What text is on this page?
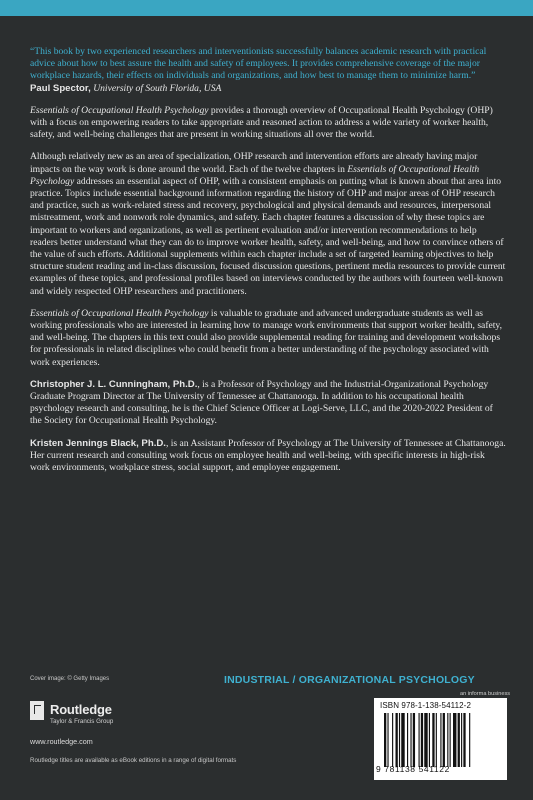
“This book by two experienced researchers and interventionists successfully balances academic research with practical advice about how to best assure the health and safety of employees. It provides comprehensive coverage of the major workplace hazards, their effects on individuals and organizations, and how best to manage them to minimize harm.”

Paul Spector, University of South Florida, USA

Essentials of Occupational Health Psychology provides a thorough overview of Occupational Health Psychology (OHP) with a focus on empowering readers to take appropriate and reasoned action to address a wide variety of worker health, safety, and well-being challenges that are present in working situations all over the world.

Although relatively new as an area of specialization, OHP research and intervention efforts are already having major impacts on the way work is done around the world. Each of the twelve chapters in Essentials of Occupational Health Psychology addresses an essential aspect of OHP, with a consistent emphasis on putting what is known about that area into practice. Topics include essential background information regarding the history of OHP and major areas of OHP research and practice, such as work-related stress and recovery, psychological and physical demands and resources, interpersonal mistreatment, work and nonwork role dynamics, and safety. Each chapter features a discussion of why these topics are important to workers and organizations, as well as pertinent evaluation and/or intervention recommendations to help readers better understand what they can do to improve worker health, safety, and well-being, and how to convince others of the value of such efforts. Additional supplements within each chapter include a set of targeted learning objectives to help structure student reading and in-class discussion, focused discussion questions, pertinent media resources to provide current examples of these topics, and professional profiles based on interviews conducted by the authors with fourteen well-known and widely respected OHP researchers and practitioners.

Essentials of Occupational Health Psychology is valuable to graduate and advanced undergraduate students as well as working professionals who are interested in learning how to manage work environments that support worker health, safety, and well-being. The chapters in this text could also provide supplemental reading for training and development workshops for professionals in related disciplines who could benefit from a better understanding of the psychology associated with work experiences.

Christopher J. L. Cunningham, Ph.D., is a Professor of Psychology and the Industrial-Organizational Psychology Graduate Program Director at The University of Tennessee at Chattanooga. In addition to his occupational health psychology research and consulting, he is the Chief Science Officer at Logi-Serve, LLC, and the 2020-2022 President of the Society for Occupational Health Psychology.

Kristen Jennings Black, Ph.D., is an Assistant Professor of Psychology at The University of Tennessee at Chattanooga. Her current research and consulting work focus on employee health and well-being, with specific interests in high-risk work environments, workplace stress, social support, and employee engagement.

Cover image: © Getty Images	INDUSTRIAL / ORGANIZATIONAL PSYCHOLOGY
an informa business
Routledge
Taylor & Francis Group
www.routledge.com
Routledge titles are available as eBook editions in a range of digital formats
ISBN 978-1-138-54112-2
9 781138 541122
